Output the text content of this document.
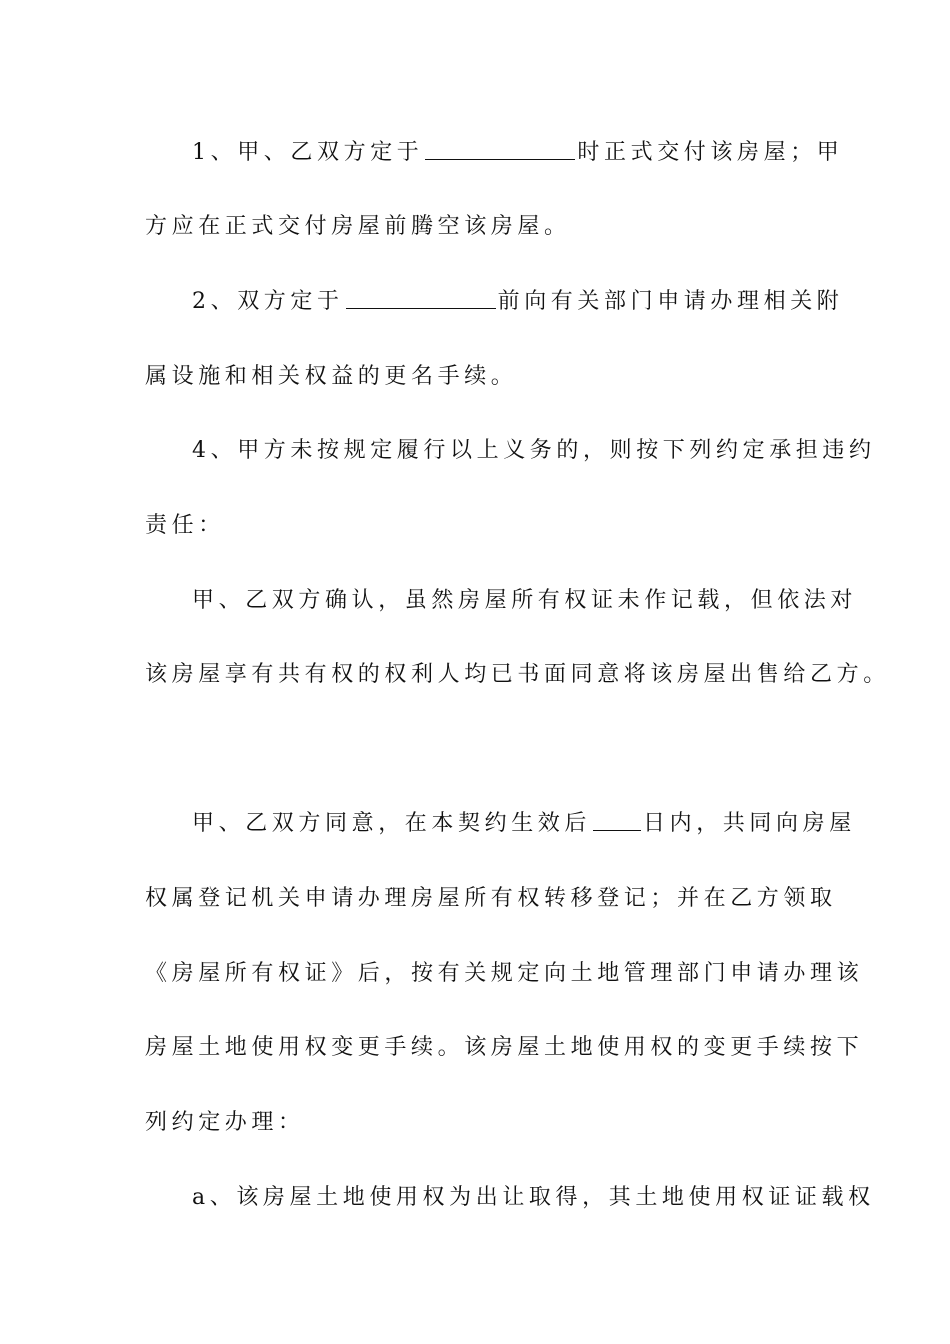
1、甲、乙双方定于	时正式交付该房屋；甲
方应在正式交付房屋前腾空该房屋。
2、双方定于	前向有关部门申请办理相关附
属设施和相关权益的更名手续。
4、甲方未按规定履行以上义务的，则按下列约定承担违约
责任：
甲、乙双方确认，虽然房屋所有权证未作记载，但依法对
该房屋享有共有权的权利人均已书面同意将该房屋出售给乙方。
甲、乙双方同意，在本契约生效后 日内，共同向房屋
权属登记机关申请办理房屋所有权转移登记；并在乙方领取
《房屋所有权证》后，按有关规定向土地管理部门申请办理该
房屋土地使用权变更手续。该房屋土地使用权的变更手续按下
列约定办理：
a、该房屋土地使用权为出让取得，其土地使用权证证载权
